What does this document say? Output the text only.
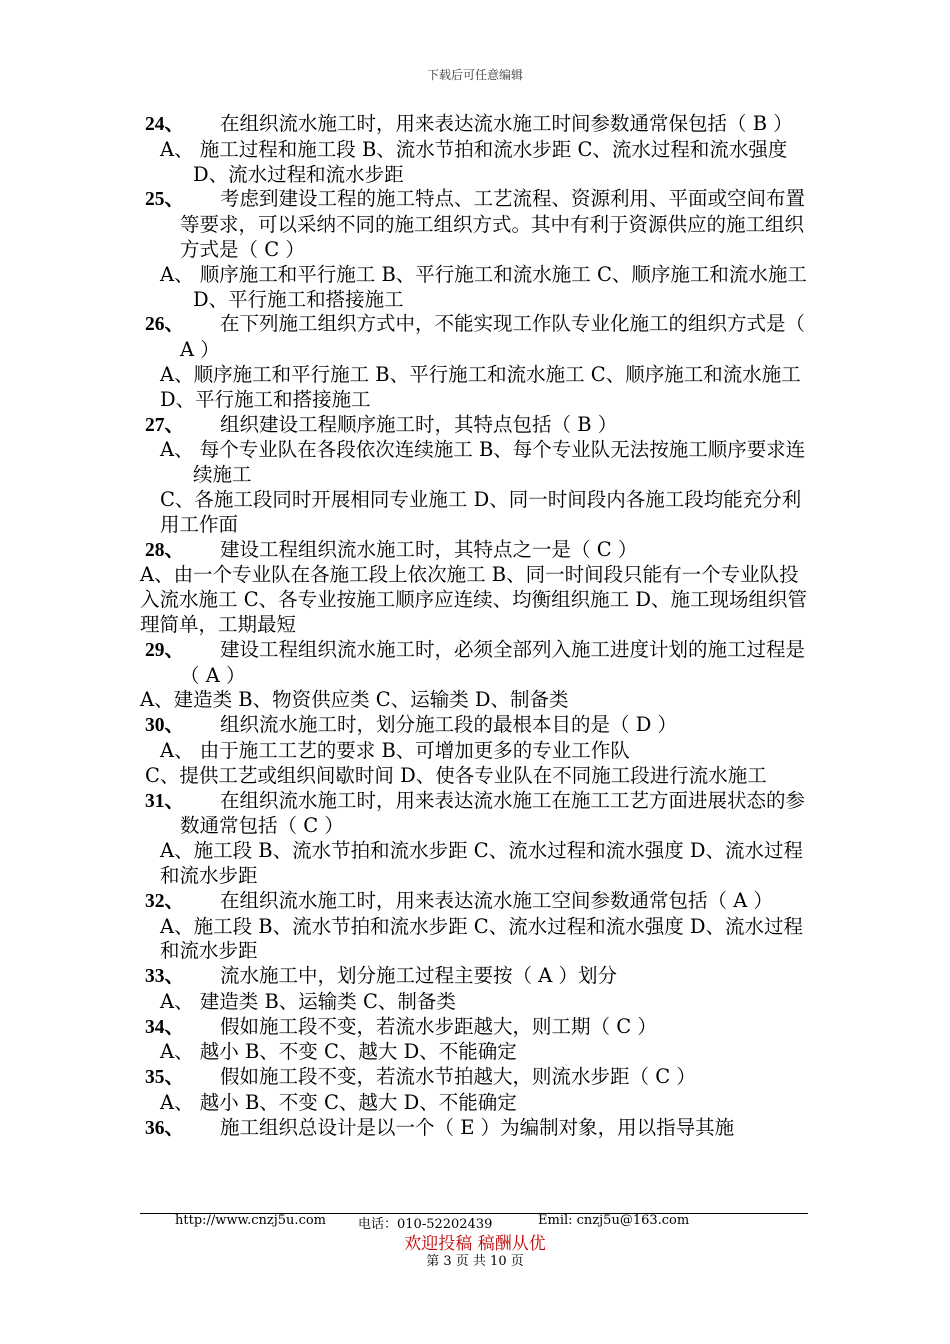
下载后可任意编辑

24、 在组织流水施工时，用来表达流水施工时间参数通常保包括（ B ）

A、 施工过程和施工段 B、流水节拍和流水步距 C、流水过程和流水强度 D、流水过程和流水步距

25、 考虑到建设工程的施工特点、工艺流程、资源利用、平面或空间布置等要求，可以采纳不同的施工组织方式。其中有利于资源供应的施工组织方式是（ C ）

A、 顺序施工和平行施工 B、平行施工和流水施工 C、顺序施工和流水施工 D、平行施工和搭接施工

26、 在下列施工组织方式中，不能实现工作队专业化施工的组织方式是（ A ）

A、顺序施工和平行施工 B、平行施工和流水施工 C、顺序施工和流水施工 D、平行施工和搭接施工

27、 组织建设工程顺序施工时，其特点包括（ B ）

A、 每个专业队在各段依次连续施工 B、每个专业队无法按施工顺序要求连续施工

C、各施工段同时开展相同专业施工 D、同一时间段内各施工段均能充分利用工作面

28、 建设工程组织流水施工时，其特点之一是（ C ）

A、由一个专业队在各施工段上依次施工 B、同一时间段只能有一个专业队投入流水施工 C、各专业按施工顺序应连续、均衡组织施工 D、施工现场组织管理简单，工期最短

29、 建设工程组织流水施工时，必须全部列入施工进度计划的施工过程是（ A ）

A、建造类 B、物资供应类 C、运输类 D、制备类

30、 组织流水施工时，划分施工段的最根本目的是（ D ）

A、 由于施工工艺的要求 B、可增加更多的专业工作队

C、提供工艺或组织间歇时间 D、使各专业队在不同施工段进行流水施工

31、 在组织流水施工时，用来表达流水施工在施工工艺方面进展状态的参数通常包括（ C ）

A、施工段 B、流水节拍和流水步距 C、流水过程和流水强度 D、流水过程和流水步距

32、 在组织流水施工时，用来表达流水施工空间参数通常包括（ A ）

A、施工段 B、流水节拍和流水步距 C、流水过程和流水强度 D、流水过程和流水步距

33、 流水施工中，划分施工过程主要按（ A ）划分

A、 建造类 B、运输类 C、制备类

34、 假如施工段不变，若流水步距越大，则工期（ C ）

A、 越小 B、不变 C、越大 D、不能确定

35、 假如施工段不变，若流水节拍越大，则流水步距（ C ）

A、 越小 B、不变 C、越大 D、不能确定

36、 施工组织总设计是以一个（ E ）为编制对象，用以指导其施

http://www.cnzj5u.com 电话：010-52202439	Emil: cnzj5u@163.com
欢迎投稿 稿酬从优
第 3 页 共 10 页
